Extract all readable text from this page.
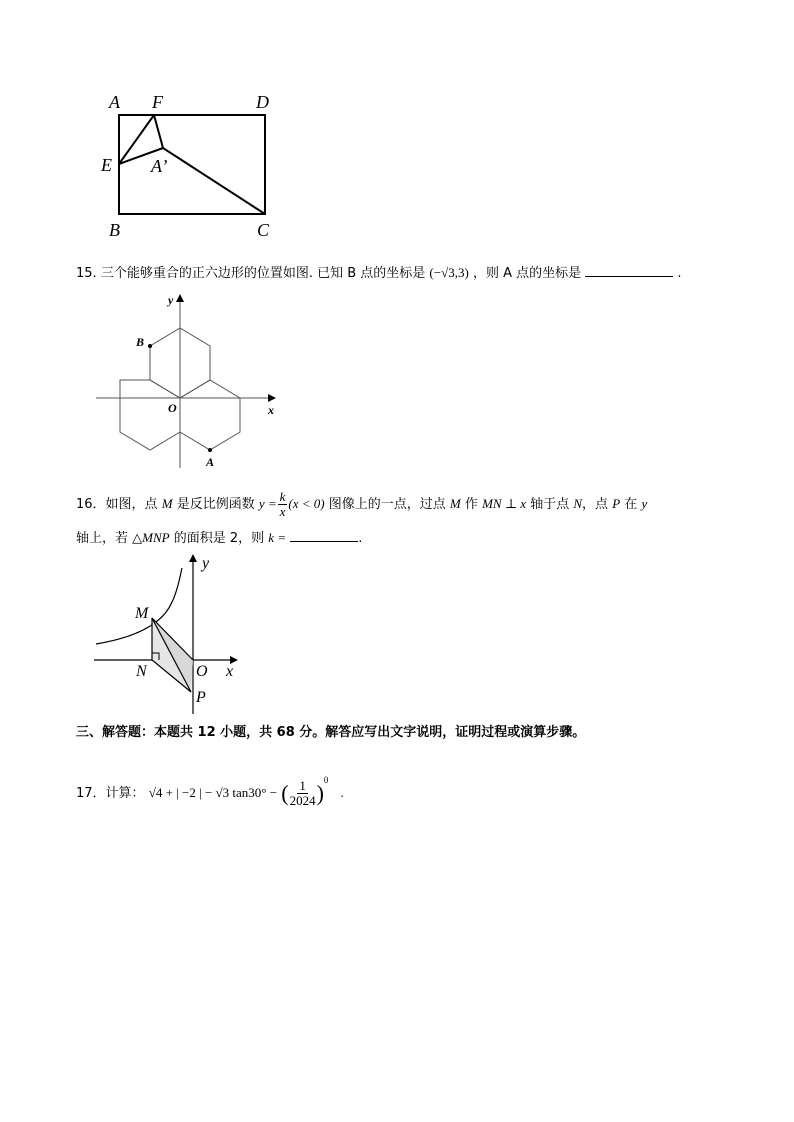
A F	D
E A’
B	C
15. 三个能够重合的正六边形的位置如图. 已知 B 点的坐标是 (−√3,3) ，则 A 点的坐标是	.
y
x
O
B
A
16．如图，点 M 是反比例函数 $y = \frac{k}{x} (x < 0)$ 图像上的一点，过点 M 作 MN ⊥ x 轴于点 N，点 P 在 y
轴上，若 △MNP 的面积是 2，则 k =	.
y
x
M
N	O
P
三、解答题：本题共 12 小题，共 68 分。解答应写出文字说明，证明过程或演算步骤。
17．计算： √4 + | −2 | − √3 tan30° − ( $\frac{1}{2024} )^0$ .
